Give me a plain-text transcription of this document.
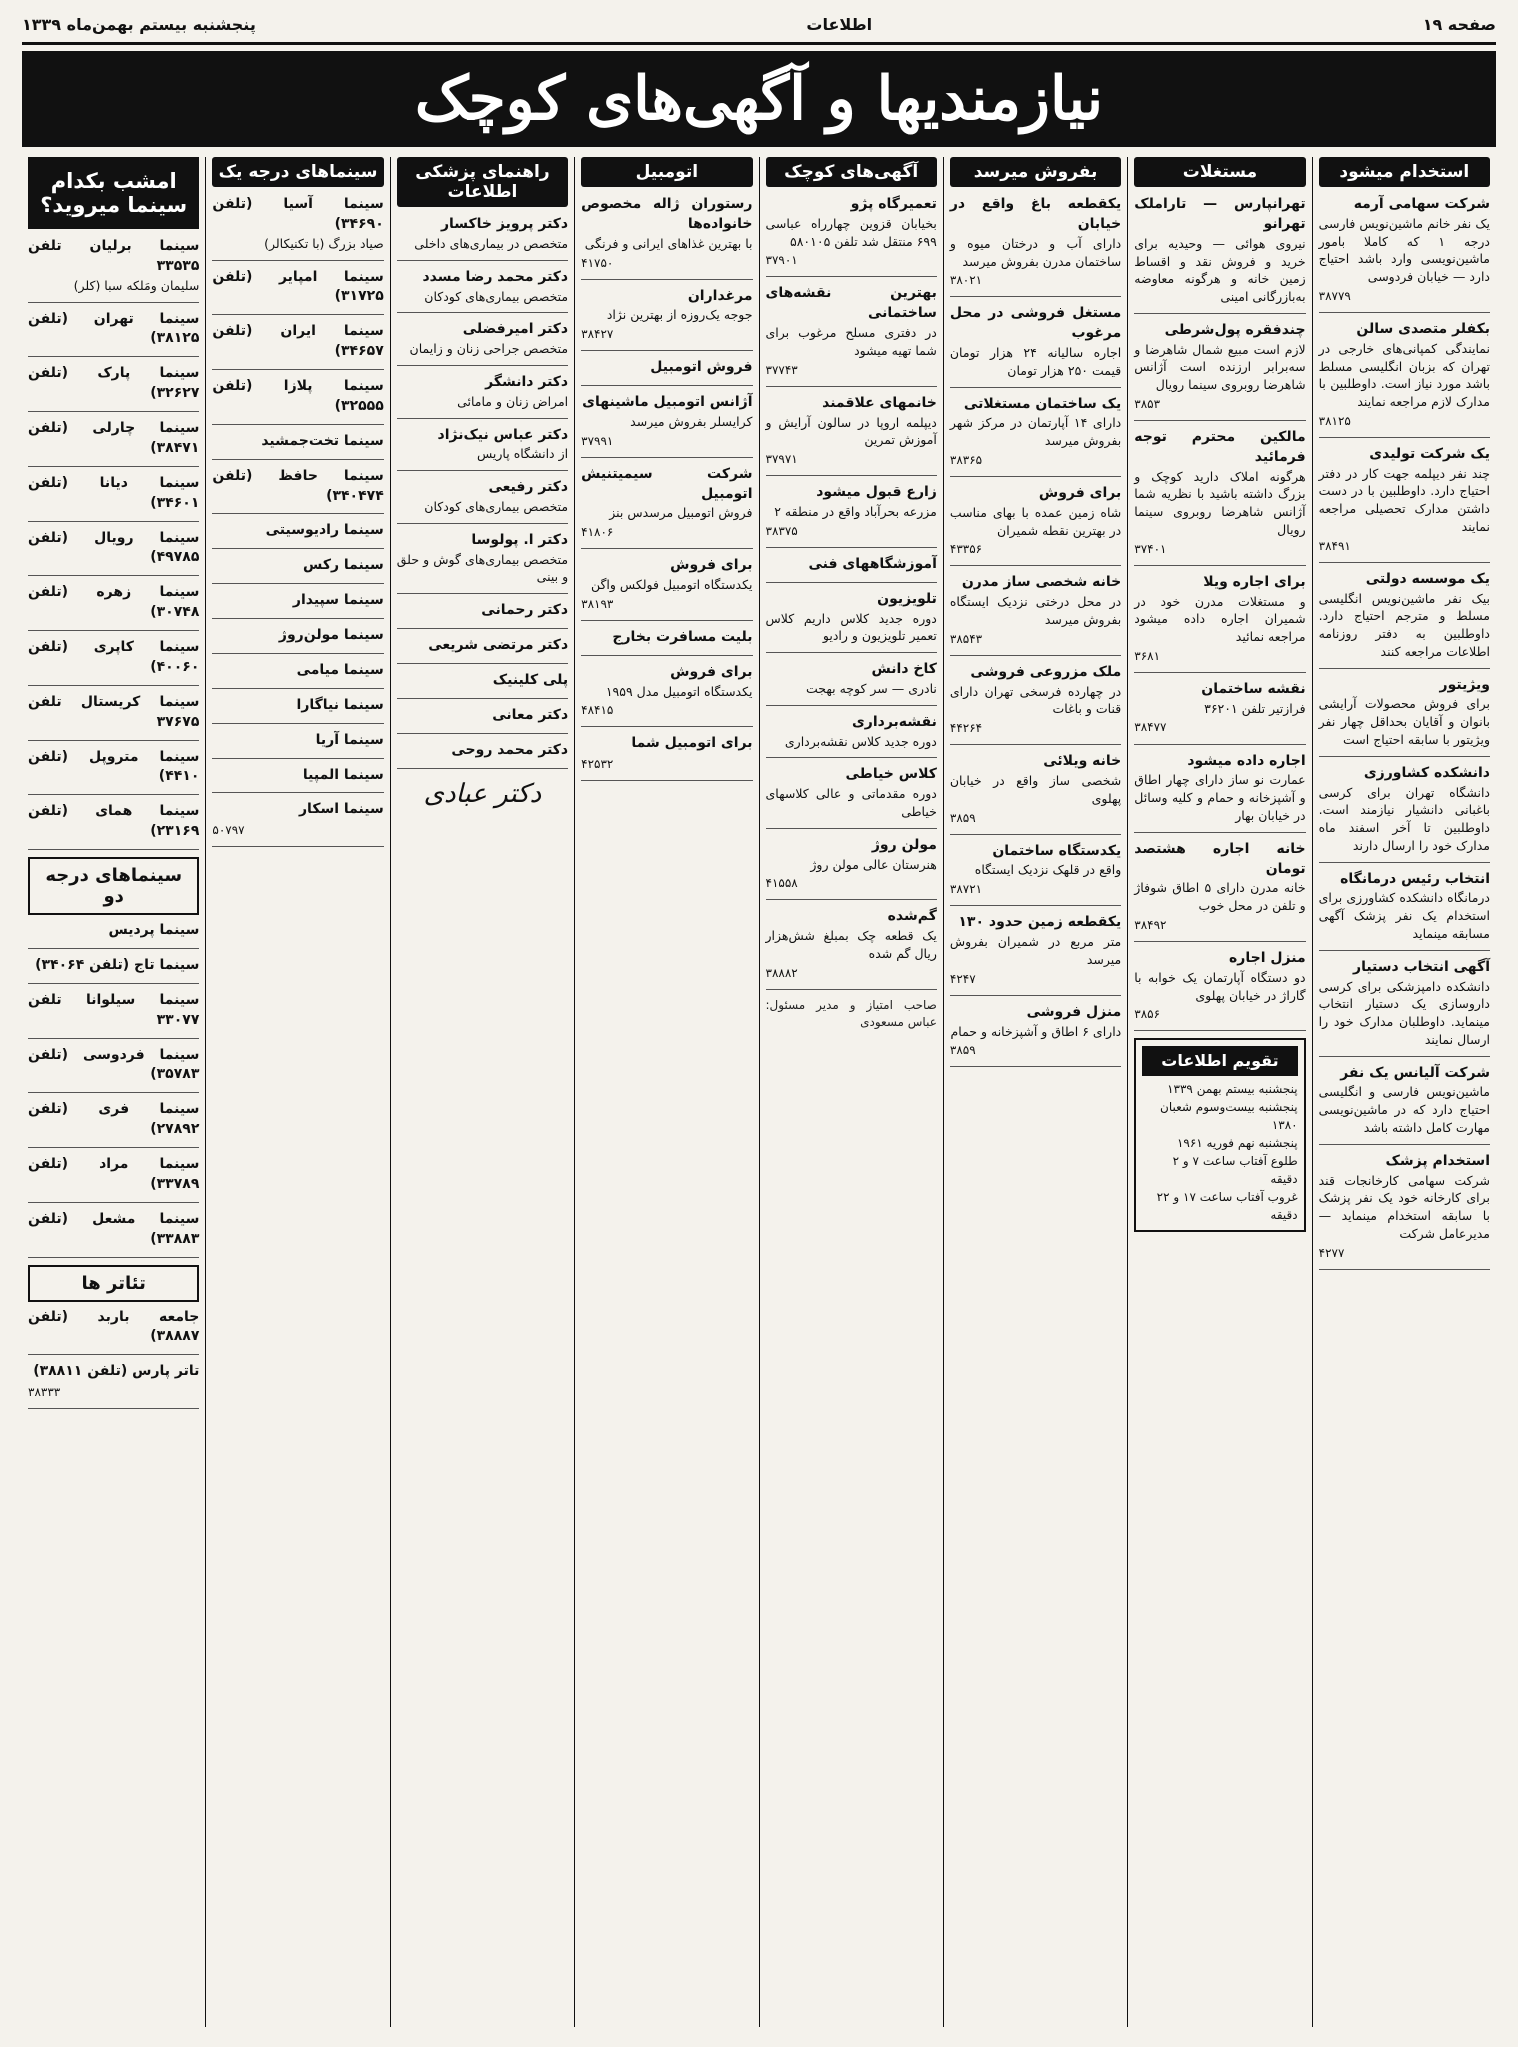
صفحه ۱۹
اطلاعات
پنجشنبه بیستم بهمن‌ماه ۱۳۳۹
نیازمندیها و آگهی‌های کوچک
استخدام میشود
شرکت سهامی آرمه
یک نفر خانم ماشین‌نویس فارسی درجه ۱ که کاملا بامور ماشین‌نویسی وارد باشد احتیاج دارد — خیابان فردوسی
۳۸۷۷۹
بکفلر متصدی سالن
نمایندگی کمپانی‌های خارجی در تهران که بزبان انگلیسی مسلط باشد مورد نیاز است. داوطلبین با مدارک لازم مراجعه نمایند
۳۸۱۲۵
یک شرکت تولیدی
چند نفر دیپلمه جهت کار در دفتر احتیاج دارد. داوطلبین با در دست داشتن مدارک تحصیلی مراجعه نمایند
۳۸۴۹۱
یک موسسه دولتی
بیک نفر ماشین‌نویس انگلیسی مسلط و مترجم احتیاج دارد. داوطلبین به دفتر روزنامه اطلاعات مراجعه کنند
ویژیتور
برای فروش محصولات آرایشی بانوان و آقایان بحداقل چهار نفر ویژیتور با سابقه احتیاج است
دانشکده کشاورزی
دانشگاه تهران برای کرسی باغبانی دانشیار نیازمند است. داوطلبین تا آخر اسفند ماه مدارک خود را ارسال دارند
انتخاب رئیس درمانگاه
درمانگاه دانشکده کشاورزی برای استخدام یک نفر پزشک آگهی مسابقه مینماید
آگهی انتخاب دستیار
دانشکده دامپزشکی برای کرسی داروسازی یک دستیار انتخاب مینماید. داوطلبان مدارک خود را ارسال نمایند
شرکت آلیانس یک نفر
ماشین‌نویس فارسی و انگلیسی احتیاج دارد که در ماشین‌نویسی مهارت کامل داشته باشد
استخدام پزشک
شرکت سهامی کارخانجات قند برای کارخانه خود یک نفر پزشک با سابقه استخدام مینماید — مدیرعامل شرکت
۴۲۷۷
مستغلات
تهرانپارس — تاراملک تهرانو
نیروی هوائی — وحیدیه برای خرید و فروش نقد و اقساط زمین خانه و هرگونه معاوضه به‌بازرگانی امینی
چندفقره پول‌شرطی
لازم است مبیع شمال شاهرضا و سه‌برابر ارزنده است آژانس شاهرضا روبروی سینما رویال
۳۸۵۳
مالکین محترم توجه فرمائید
هرگونه املاک دارید کوچک و بزرگ داشته باشید با نظریه شما آژانس شاهرضا روبروی سینما رویال
۳۷۴۰۱
برای اجاره ویلا
و مستغلات مدرن خود در شمیران اجاره داده میشود مراجعه نمائید
۳۶۸۱
نقشه ساختمان
فرازتیر تلفن ۳۶۲۰۱
۳۸۴۷۷
اجاره داده میشود
عمارت نو ساز دارای چهار اطاق و آشپزخانه و حمام و کلیه وسائل در خیابان بهار
خانه اجاره هشتصد تومان
خانه مدرن دارای ۵ اطاق شوفاژ و تلفن در محل خوب
۳۸۴۹۲
منزل اجاره
دو دستگاه آپارتمان یک خوابه با گاراژ در خیابان پهلوی
۳۸۵۶
تقویم اطلاعات
پنجشنبه بیستم بهمن ۱۳۳۹
پنجشنبه بیست‌وسوم شعبان ۱۳۸۰
پنجشنبه نهم فوریه ۱۹۶۱
طلوع آفتاب ساعت ۷ و ۲ دقیقه
غروب آفتاب ساعت ۱۷ و ۲۲ دقیقه
بفروش میرسد
یکقطعه باغ واقع در خیابان
دارای آب و درختان میوه و ساختمان مدرن بفروش میرسد
۳۸۰۲۱
مستغل فروشی در محل مرغوب
اجاره سالیانه ۲۴ هزار تومان قیمت ۲۵۰ هزار تومان
یک ساختمان مستغلاتی
دارای ۱۴ آپارتمان در مرکز شهر بفروش میرسد
۳۸۳۶۵
برای فروش
شاه زمین عمده با بهای مناسب در بهترین نقطه شمیران
۴۳۳۵۶
خانه شخصی ساز مدرن
در محل درختی نزدیک ایستگاه بفروش میرسد
۳۸۵۴۳
ملک مزروعی فروشی
در چهارده فرسخی تهران دارای قنات و باغات
۴۴۲۶۴
خانه ویلائی
شخصی ساز واقع در خیابان پهلوی
۳۸۵۹
یکدستگاه ساختمان
واقع در قلهک نزدیک ایستگاه
۳۸۷۲۱
یکقطعه زمین حدود ۱۳۰
متر مربع در شمیران بفروش میرسد
۴۲۴۷
منزل فروشی
دارای ۶ اطاق و آشپزخانه و حمام
۳۸۵۹
آگهی‌های کوچک
تعمیرگاه پژو
بخیابان قزوین چهارراه عباسی ۶۹۹ منتقل شد تلفن ۵۸۰۱۰۵
۳۷۹۰۱
بهترین نقشه‌های ساختمانی
در دفتری مسلح مرغوب برای شما تهیه میشود
۳۷۷۴۳
خانمهای علاقمند
دیپلمه اروپا در سالون آرایش و آموزش تمرین
۳۷۹۷۱
زارع قبول میشود
مزرعه بحرآباد واقع در منطقه ۲
۳۸۳۷۵
آموزشگاههای فنی
تلویزیون
دوره جدید کلاس داریم کلاس تعمیر تلویزیون و رادیو
کاخ دانش
نادری — سر کوچه بهجت
نقشه‌برداری
دوره جدید کلاس نقشه‌برداری
کلاس خیاطی
دوره مقدماتی و عالی کلاسهای خیاطی
مولن روژ
هنرستان عالی مولن روژ
۴۱۵۵۸
گم‌شده
یک قطعه چک بمبلغ شش‌هزار ریال گم شده
۳۸۸۸۲
صاحب امتیاز و مدیر مسئول: عباس مسعودی
اتومبیل
رستوران ژاله مخصوص خانواده‌ها
با بهترین غذاهای ایرانی و فرنگی
۴۱۷۵۰
مرغداران
جوجه یک‌روزه از بهترین نژاد
۳۸۴۲۷
فروش اتومبیل
آژانس اتومبیل ماشینهای
کرایسلر بفروش میرسد
۳۷۹۹۱
شرکت سیمیتنیش اتومبیل
فروش اتومبیل مرسدس بنز
۴۱۸۰۶
برای فروش
یکدستگاه اتومبیل فولکس واگن
۳۸۱۹۳
بلیت مسافرت بخارج
برای فروش
یکدستگاه اتومبیل مدل ۱۹۵۹
۴۸۴۱۵
برای اتومبیل شما
۴۲۵۳۲
راهنمای پزشکی اطلاعات
دکتر پرویز خاکسار
متخصص در بیماری‌های داخلی
دکتر محمد رضا مسدد
متخصص بیماری‌های کودکان
دکتر امیرفضلی
متخصص جراحی زنان و زایمان
دکتر دانشگر
امراض زنان و مامائی
دکتر عباس نیک‌نژاد
از دانشگاه پاریس
دکتر رفیعی
متخصص بیماری‌های کودکان
دکتر ا. پولوسا
متخصص بیماری‌های گوش و حلق و بینی
دکتر رحمانی
دکتر مرتضی شریعی
پلی کلینیک
دکتر معانی
دکتر محمد روحی
دکتر عبادی
سینماهای درجه یک
سینما آسیا (تلفن ۳۴۶۹۰)
صیاد بزرگ (با تکنیکالر)
سینما امپایر (تلفن ۳۱۷۲۵)
سینما ایران (تلفن ۳۴۶۵۷)
سینما پلازا (تلفن ۳۲۵۵۵)
سینما تخت‌جمشید
سینما حافظ (تلفن ۳۴۰۴۷۴)
سینما رادیوسیتی
سینما رکس
سینما سپیدار
سینما مولن‌روژ
سینما میامی
سینما نیاگارا
سینما آریا
سینما المپیا
سینما اسکار
۵۰۷۹۷
امشب بکدام سینما میروید؟
سینما برلیان تلفن ۳۳۵۳۵
سلیمان ومَلکه سبا (کلر)
سینما تهران (تلفن ۳۸۱۲۵)
سینما پارک (تلفن ۳۲۶۲۷)
سینما چارلی (تلفن ۳۸۴۷۱)
سینما دیانا (تلفن ۳۴۶۰۱)
سینما رویال (تلفن ۴۹۷۸۵)
سینما زهره (تلفن ۳۰۷۴۸)
سینما کاپری (تلفن ۴۰۰۶۰)
سینما کریستال تلفن ۳۷۶۷۵
سینما متروپل (تلفن ۴۴۱۰)
سینما همای (تلفن ۲۳۱۶۹)
سینماهای درجه دو
سینما پردیس
سینما تاج (تلفن ۳۴۰۶۴)
سینما سیلوانا تلفن ۳۳۰۷۷
سینما فردوسی (تلفن ۳۵۷۸۳)
سینما فری (تلفن ۲۷۸۹۲)
سینما مراد (تلفن ۳۳۷۸۹)
سینما مشعل (تلفن ۳۳۸۸۳)
تئاتر ها
جامعه باربد (تلفن ۳۸۸۸۷)
تاتر پارس (تلفن ۳۸۸۱۱)
۳۸۳۳۳
